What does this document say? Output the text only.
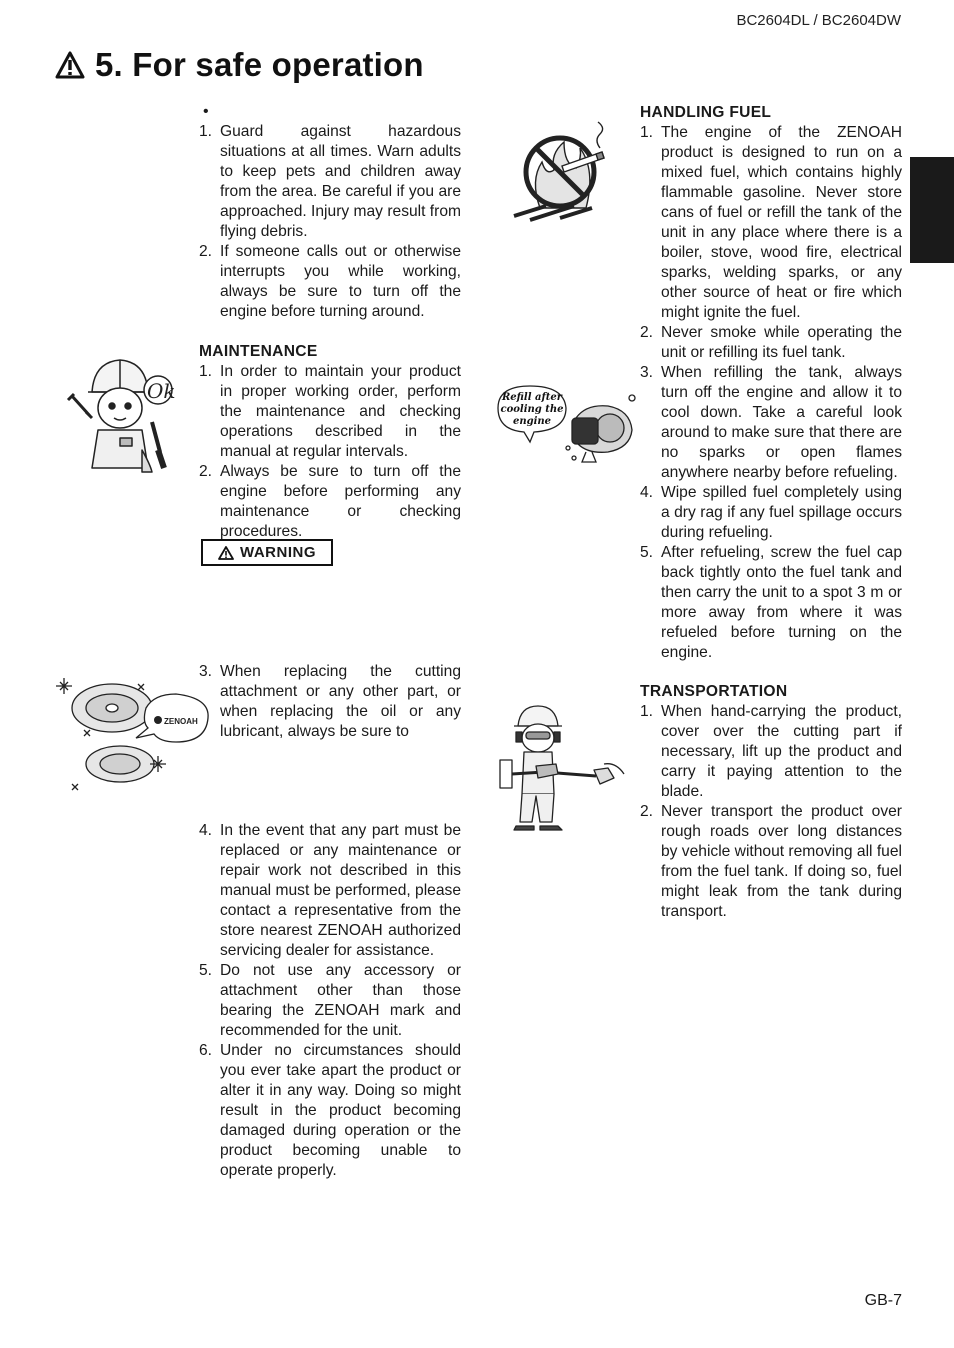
BC2604DL / BC2604DW
5. For safe operation
•
1. Guard against hazardous situations at all times. Warn adults to keep pets and children away from the area. Be careful if you are approached. Injury may result from flying debris.
2. If someone calls out or otherwise interrupts you while working, always be sure to turn off the engine before turning around.
MAINTENANCE
1. In order to maintain your product in proper working order, perform the maintenance and checking operations described in the manual at regular intervals.
2. Always be sure to turn off the engine before performing any maintenance or checking procedures.
WARNING
3. When replacing the cutting attachment or any other part, or when replacing the oil or any lubricant, always be sure to
4. In the event that any part must be replaced or any maintenance or repair work not described in this manual must be performed, please contact a representative from the store nearest ZENOAH authorized servicing dealer for assistance.
5. Do not use any accessory or attachment other than those bearing the ZENOAH mark and recommended for the unit.
6. Under no circumstances should you ever take apart the product or alter it in any way. Doing so might result in the product becoming damaged during operation or the product becoming unable to operate properly.
HANDLING FUEL
1. The engine of the ZENOAH product is designed to run on a mixed fuel, which contains highly flammable gasoline. Never store cans of fuel or refill the tank of the unit in any place where there is a boiler, stove, wood fire, electrical sparks, welding sparks, or any other source of heat or fire which might ignite the fuel.
2. Never smoke while operating the unit or refilling its fuel tank.
3. When refilling the tank, always turn off the engine and allow it to cool down. Take a careful look around to make sure that there are no sparks or open flames anywhere nearby before refueling.
4. Wipe spilled fuel completely using a dry rag if any fuel spillage occurs during refueling.
5. After refueling, screw the fuel cap back tightly onto the fuel tank and then carry the unit to a spot 3 m or more away from where it was refueled before turning on the engine.
TRANSPORTATION
1. When hand-carrying the product, cover over the cutting part if necessary, lift up the product and carry it paying attention to the blade.
2. Never transport the product over rough roads over long distances by vehicle without removing all fuel from the fuel tank. If doing so, fuel might leak from the tank during transport.
Ok
ZENOAH
Refill after
cooling the
engine
GB-7
